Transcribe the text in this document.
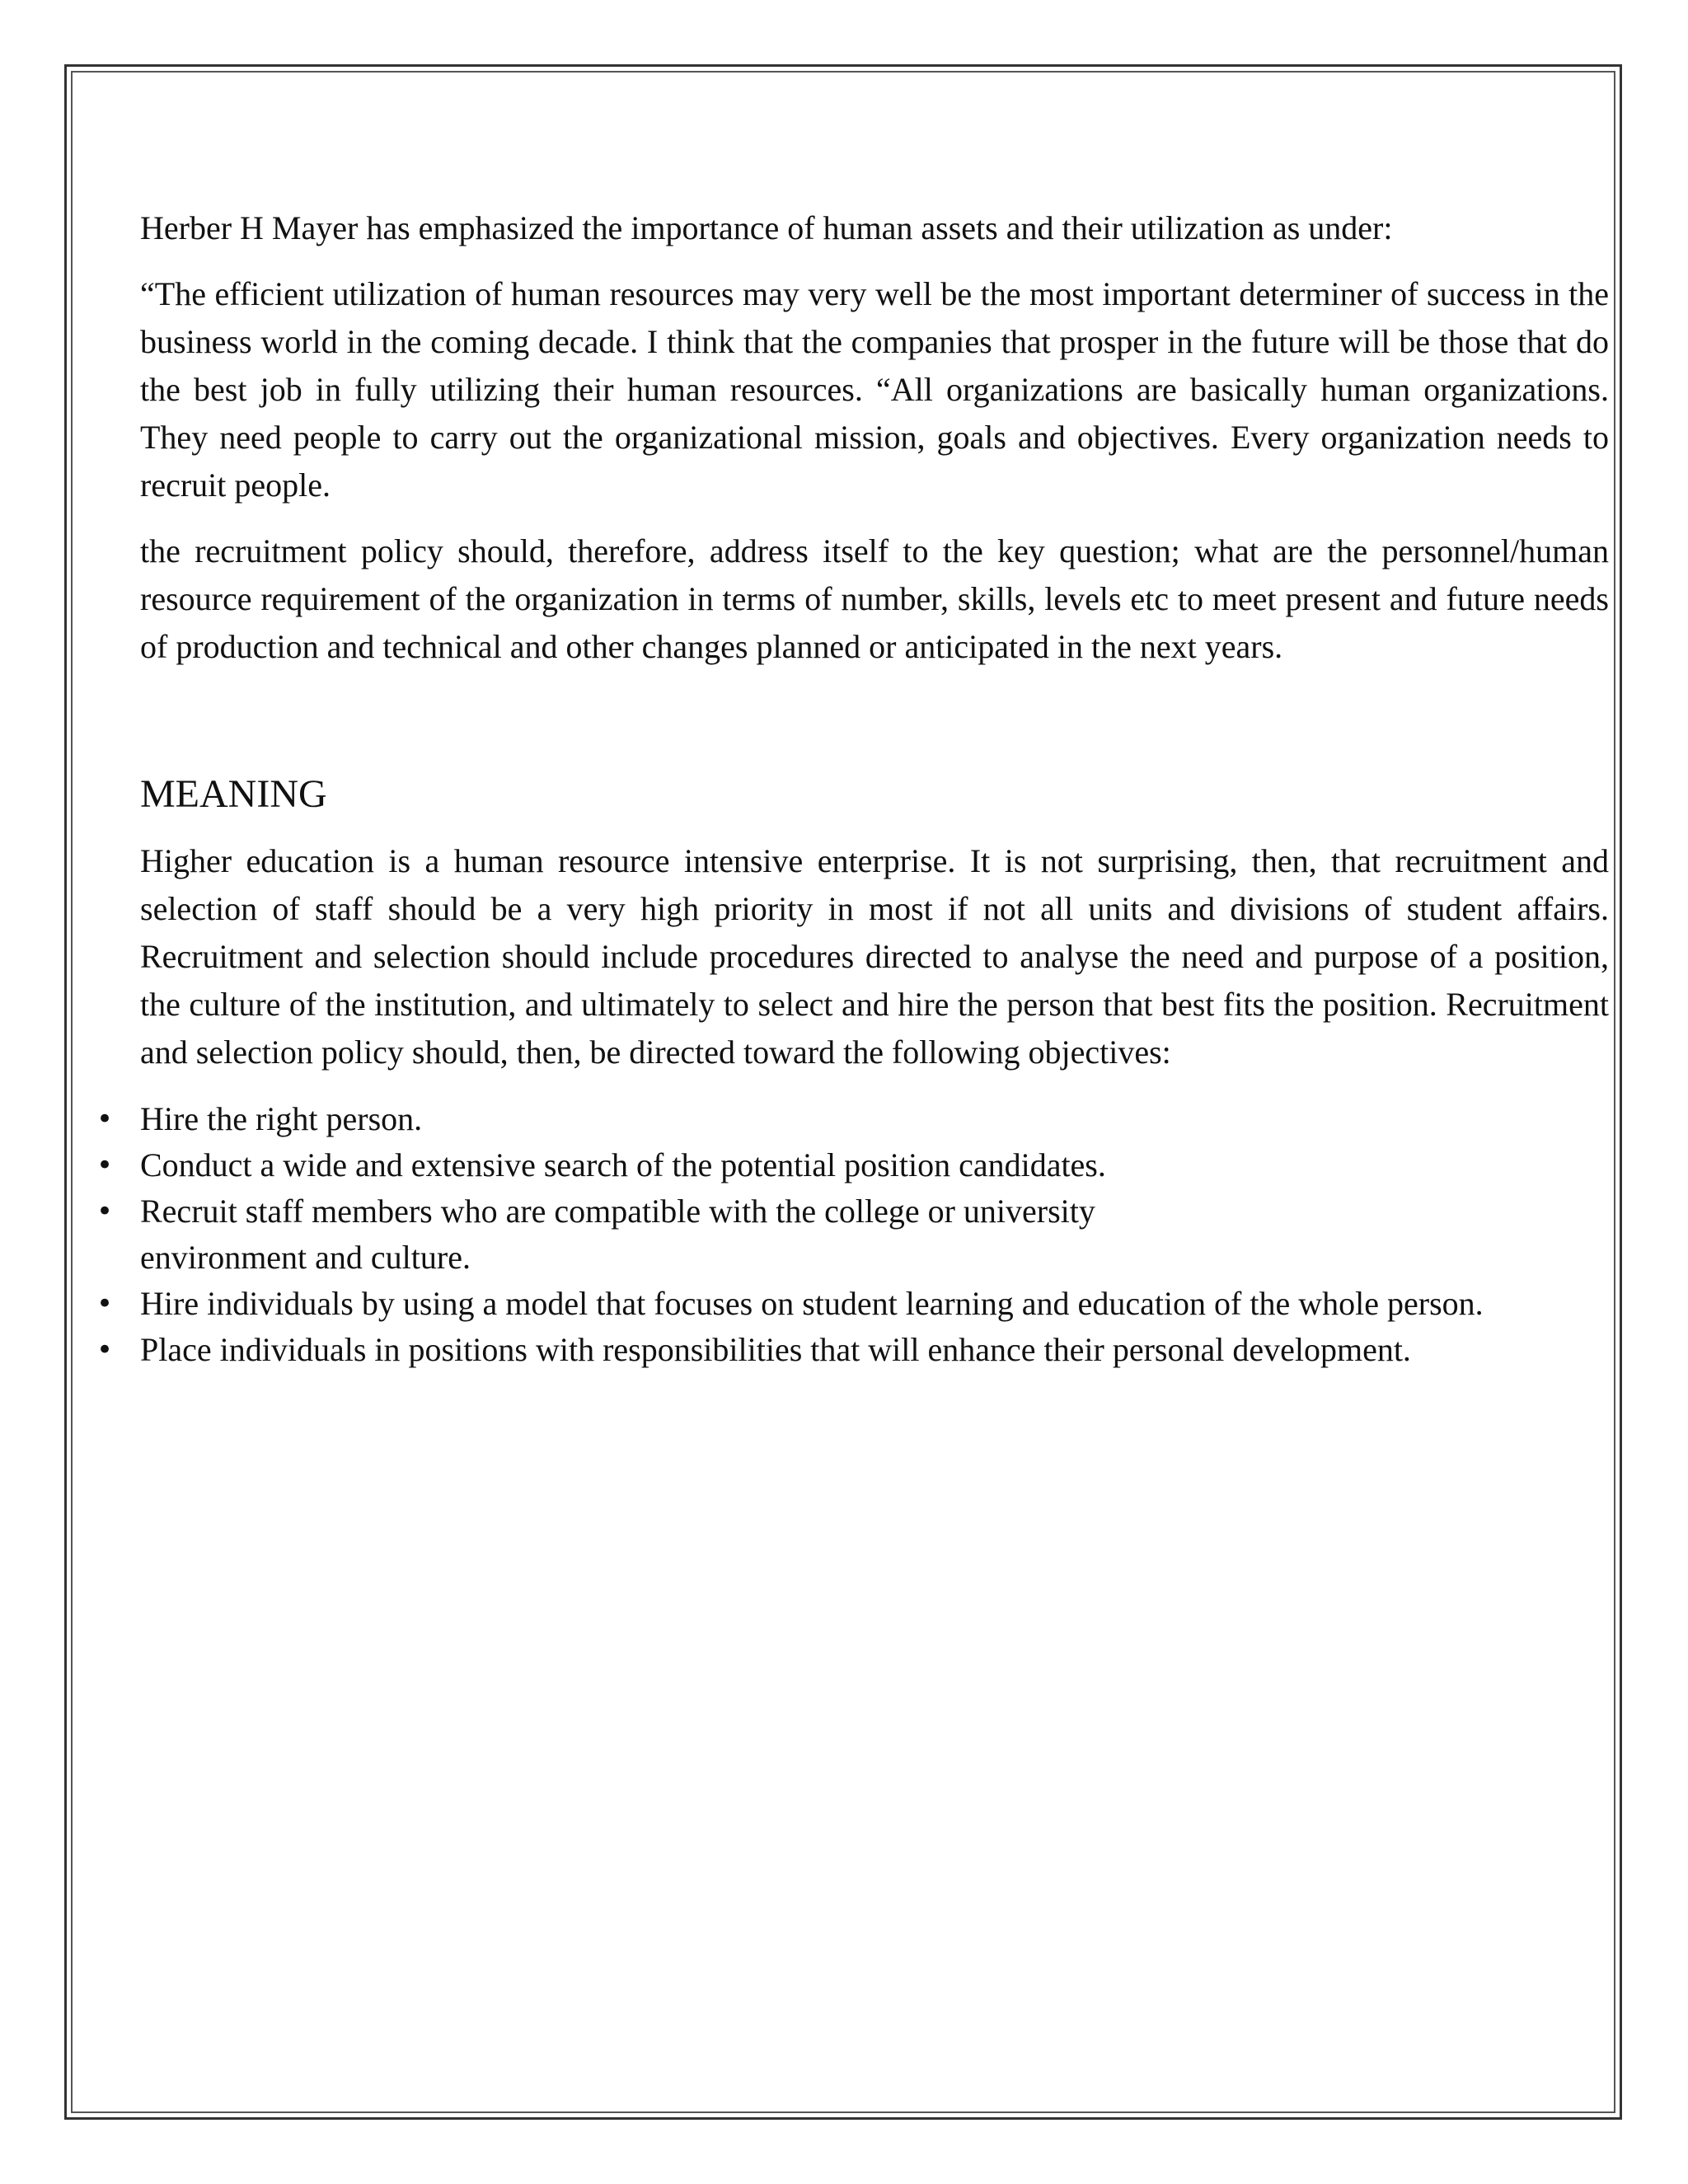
Herber H Mayer has emphasized the importance of human assets and their utilization as under:

“The efficient utilization of human resources may very well be the most important determiner of success in the business world in the coming decade. I think that the companies that prosper in the future will be those that do the best job in fully utilizing their human resources. “All organizations are basically human organizations. They need people to carry out the organizational mission, goals and objectives. Every organization needs to recruit people.

the recruitment policy should, therefore, address itself to the key question; what are the personnel/human resource requirement of the organization in terms of number, skills, levels etc to meet present and future needs of production and technical and other changes planned or anticipated in the next years.

MEANING

Higher education is a human resource intensive enterprise. It is not surprising, then, that recruitment and selection of staff should be a very high priority in most if not all units and divisions of student affairs. Recruitment and selection should include procedures directed to analyse the need and purpose of a position, the culture of the institution, and ultimately to select and hire the person that best fits the position. Recruitment and selection policy should, then, be directed toward the following objectives:

• Hire the right person.
• Conduct a wide and extensive search of the potential position candidates.
• Recruit staff members who are compatible with the college or university
environment and culture.
• Hire individuals by using a model that focuses on student learning and education of the whole person.
• Place individuals in positions with responsibilities that will enhance their personal development.
